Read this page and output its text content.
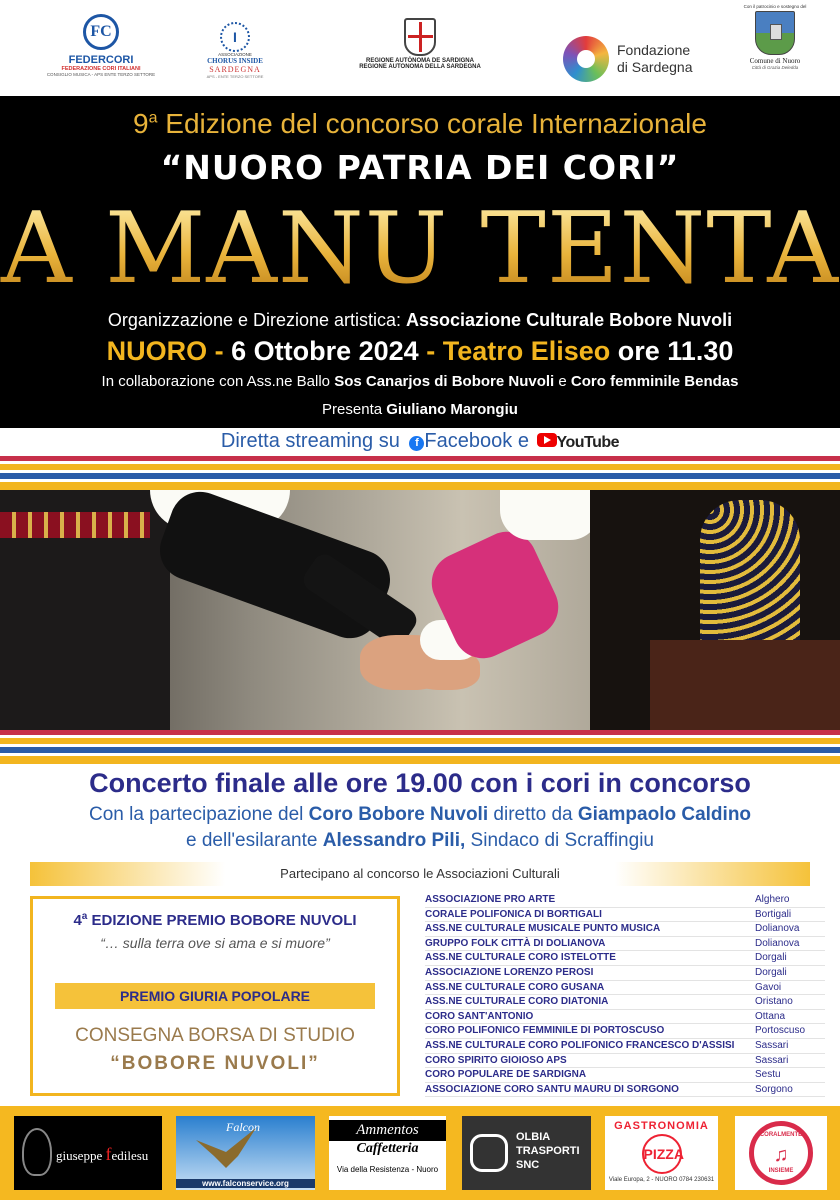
FC
FEDERCORI
FEDERAZIONE CORI ITALIANI
CONSIGLIO MUSICA - APS ENTE TERZO SETTORE
I
ASSOCIAZIONE
CHORUS INSIDE
SARDEGNA
APS - ENTE TERZO SETTORE
REGIONE AUTÒNOMA DE SARDIGNA
REGIONE AUTONOMA DELLA SARDEGNA
Fondazione
di Sardegna
Con il patrocinio e sostegno del
Comune di Nuoro
Città di Grazia Deledda
9$^a$ Edizione del concorso corale Internazionale
“NUORO PATRIA DEI CORI”
A MANU TENTA
Organizzazione e Direzione artistica: Associazione Culturale Bobore Nuvoli
NUORO - 6 Ottobre 2024 - Teatro Eliseo ore 11.30
In collaborazione con Ass.ne Ballo Sos Canarjos di Bobore Nuvoli e Coro femminile Bendas
Presenta Giuliano Marongiu
Diretta streaming su f Facebook e YouTube
Concerto finale alle ore 19.00 con i cori in concorso
Con la partecipazione del Coro Bobore Nuvoli diretto da Giampaolo Caldino
e dell'esilarante Alessandro Pili, Sindaco di Scraffingiu
Partecipano al concorso le Associazioni Culturali
4$^a$ EDIZIONE PREMIO BOBORE NUVOLI
“… sulla terra ove si ama e si muore”
PREMIO GIURIA POPOLARE
CONSEGNA BORSA DI STUDIO
“BOBORE NUVOLI”
ASSOCIAZIONE PRO ARTE	Alghero
CORALE POLIFONICA DI BORTIGALI	Bortigali
ASS.NE CULTURALE MUSICALE PUNTO MUSICA	Dolianova
GRUPPO FOLK CITTÀ DI DOLIANOVA	Dolianova
ASS.NE CULTURALE CORO ISTELOTTE	Dorgali
ASSOCIAZIONE LORENZO PEROSI	Dorgali
ASS.NE CULTURALE CORO GUSANA	Gavoi
ASS.NE CULTURALE CORO DIATONIA	Oristano
CORO SANT'ANTONIO	Ottana
CORO POLIFONICO FEMMINILE DI PORTOSCUSO	Portoscuso
ASS.NE CULTURALE CORO POLIFONICO FRANCESCO D'ASSISI Sassari
CORO SPIRITO GIOIOSO APS	Sassari
CORO POPULARE DE SARDIGNA	Sestu
ASSOCIAZIONE CORO SANTU MAURU DI SORGONO	Sorgono
giuseppe fedilesu
Falcon
www.falconservice.org
Ammentos
Caffetteria
Via della Resistenza - Nuoro
OLBIA
TRASPORTI
SNC
GASTRONOMIA
PIZZA
Viale Europa, 2 - NUORO 0784 230631
CORALMENTE
♫
INSIEME
